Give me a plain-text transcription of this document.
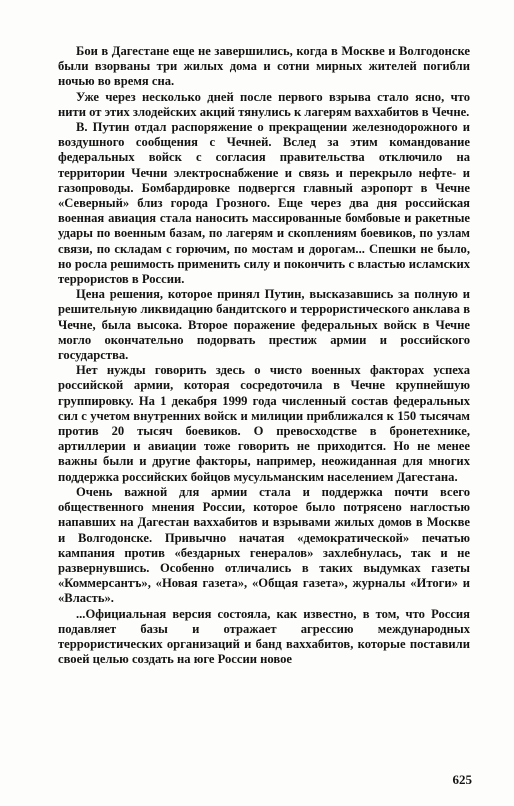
Бои в Дагестане еще не завершились, когда в Москве и Волгодонске были взорваны три жилых дома и сотни мирных жителей погибли ночью во время сна.

Уже через несколько дней после первого взрыва стало ясно, что нити от этих злодейских акций тянулись к лагерям ваххабитов в Чечне.

В. Путин отдал распоряжение о прекращении железнодорожного и воздушного сообщения с Чечней. Вслед за этим командование федеральных войск с согласия правительства отключило на территории Чечни электроснабжение и связь и перекрыло нефте- и газопроводы. Бомбардировке подвергся главный аэропорт в Чечне «Северный» близ города Грозного. Еще через два дня российская военная авиация стала наносить массированные бомбовые и ракетные удары по военным базам, по лагерям и скоплениям боевиков, по узлам связи, по складам с горючим, по мостам и дорогам... Спешки не было, но росла решимость применить силу и покончить с властью исламских террористов в России.

Цена решения, которое принял Путин, высказавшись за полную и решительную ликвидацию бандитского и террористического анклава в Чечне, была высока. Второе поражение федеральных войск в Чечне могло окончательно подорвать престиж армии и российского государства.

Нет нужды говорить здесь о чисто военных факторах успеха российской армии, которая сосредоточила в Чечне крупнейшую группировку. На 1 декабря 1999 года численный состав федеральных сил с учетом внутренних войск и милиции приближался к 150 тысячам против 20 тысяч боевиков. О превосходстве в бронетехнике, артиллерии и авиации тоже говорить не приходится. Но не менее важны были и другие факторы, например, неожиданная для многих поддержка российских бойцов мусульманским населением Дагестана.

Очень важной для армии стала и поддержка почти всего общественного мнения России, которое было потрясено наглостью напавших на Дагестан ваххабитов и взрывами жилых домов в Москве и Волгодонске. Привычно начатая «демократической» печатью кампания против «бездарных генералов» захлебнулась, так и не развернувшись. Особенно отличались в таких выдумках газеты «Коммерсантъ», «Новая газета», «Общая газета», журналы «Итоги» и «Власть».

...Официальная версия состояла, как известно, в том, что Россия подавляет базы и отражает агрессию международных террористических организаций и банд ваххабитов, которые поставили своей целью создать на юге России новое

625
